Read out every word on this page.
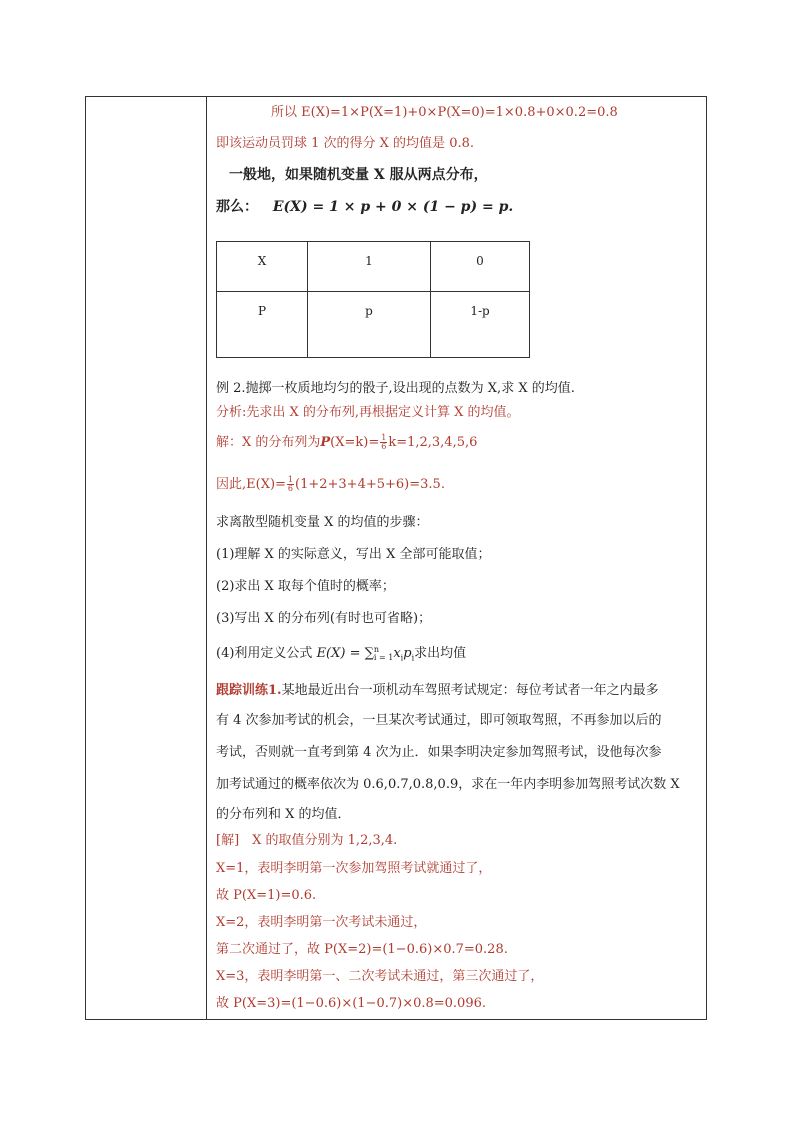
所以 E(X)=1×P(X=1)+0×P(X=0)=1×0.8+0×0.2=0.8
即该运动员罚球 1 次的得分 X 的均值是 0.8.
一般地，如果随机变量 X 服从两点分布，
那么： E(X) = 1 × p + 0 × (1 − p) = p.
X	1	0
P	p	1-p
例 2.抛掷一枚质地均匀的骰子,设出现的点数为 X,求 X 的均值.
分析:先求出 X 的分布列,再根据定义计算 X 的均值。
解：X 的分布列为$P(X=k)= \frac{1}{6} k=1,2,3,4,5,6$
因此$,E(X)= \frac{1}{6} (1+2+3+4+5+6)=3.5$.
求离散型随机变量 X 的均值的步骤：
(1)理解 X 的实际意义，写出 X 全部可能取值；
(2)求出 X 取每个值时的概率；
(3)写出 X 的分布列(有时也可省略)；
(4)利用定义公式 E(X) = ∑ n
i = 1 $x_ip_i$求出均值
跟踪训练1.某地最近出台一项机动车驾照考试规定：每位考试者一年之内最多
有 4 次参加考试的机会，一旦某次考试通过，即可领取驾照，不再参加以后的
考试，否则就一直考到第 4 次为止．如果李明决定参加驾照考试，设他每次参
加考试通过的概率依次为 0.6,0.7,0.8,0.9，求在一年内李明参加驾照考试次数 X
的分布列和 X 的均值．
[解]　X 的取值分别为 1,2,3,4.
X=1，表明李明第一次参加驾照考试就通过了，
故 P(X=1)=0.6.
X=2，表明李明第一次考试未通过，
第二次通过了，故 P(X=2)=(1−0.6)×0.7=0.28.
X=3，表明李明第一、二次考试未通过，第三次通过了，
故 P(X=3)=(1−0.6)×(1−0.7)×0.8=0.096.
